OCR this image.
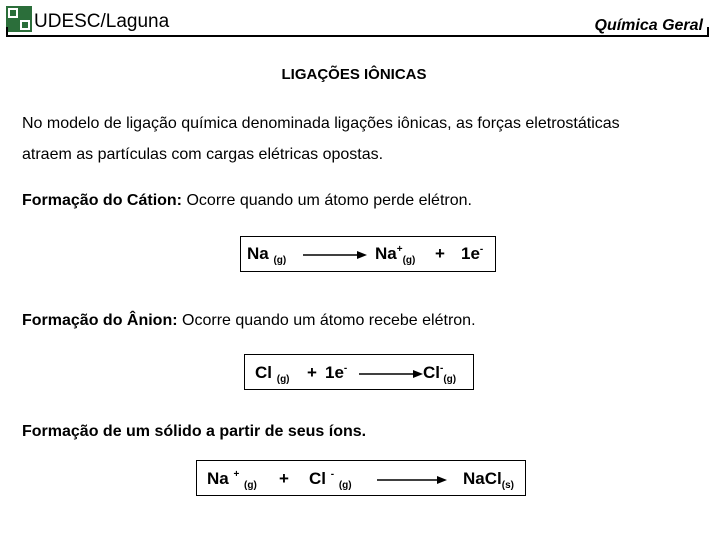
UDESC/Laguna	Química Geral
LIGAÇÕES IÔNICAS
No modelo de ligação química denominada ligações iônicas, as forças eletrostáticas
atraem as partículas com cargas elétricas opostas.
Formação do Cátion: Ocorre quando um átomo perde elétron.
Na $_{(g)}$	$Na^+_{(g)} + 1e^-$
Formação do Ânion: Ocorre quando um átomo recebe elétron.
Cl $_{(g)}$ + 1e-	$Cl^-_{(g)}$
Formação de um sólido a partir de seus íons.
Na + $_{(g)}$ + Cl - $_{(g)}$	NaCl$_{(s)}$
